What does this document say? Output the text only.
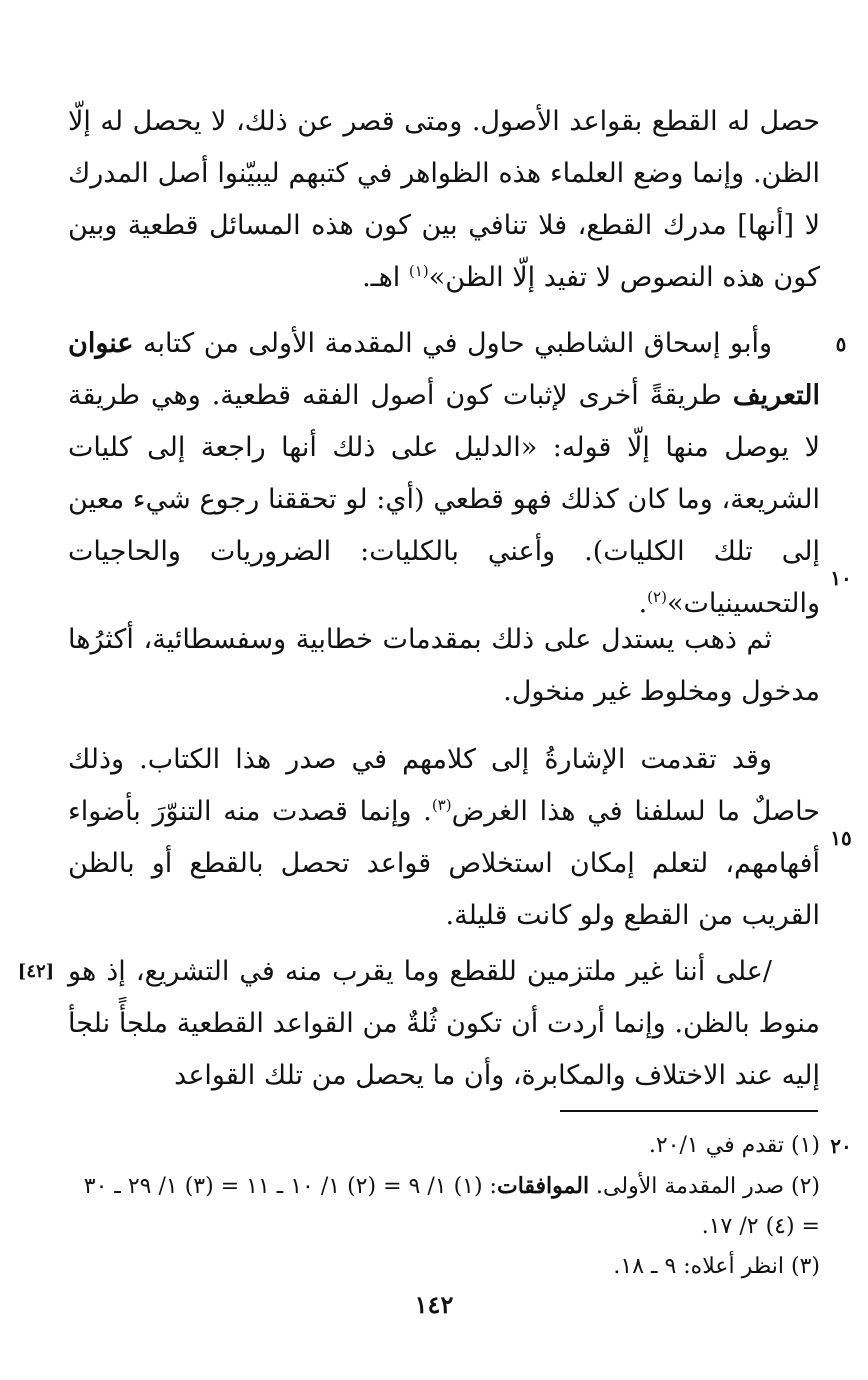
حصل له القطع بقواعد الأصول. ومتى قصر عن ذلك، لا يحصل له إلّا الظن. وإنما وضع العلماء هذه الظواهر في كتبهم ليبيّنوا أصل المدرك لا [أنها] مدرك القطع، فلا تنافي بين كون هذه المسائل قطعية وبين كون هذه النصوص لا تفيد إلّا الظن»$^{(١)}$ اهـ.

وأبو إسحاق الشاطبي حاول في المقدمة الأولى من كتابه عنوان التعريف طريقةً أخرى لإثبات كون أصول الفقه قطعية. وهي طريقة لا يوصل منها إلّا قوله: «الدليل على ذلك أنها راجعة إلى كليات الشريعة، وما كان كذلك فهو قطعي (أي: لو تحققنا رجوع شيء معين إلى تلك الكليات). وأعني بالكليات: الضروريات والحاجيات والتحسينيات»$^{(٢)}$.

ثم ذهب يستدل على ذلك بمقدمات خطابية وسفسطائية، أكثرُها مدخول ومخلوط غير منخول.

وقد تقدمت الإشارةُ إلى كلامهم في صدر هذا الكتاب. وذلك حاصلٌ ما لسلفنا في هذا الغرض$^{(٣)}$. وإنما قصدت منه التنوّرَ بأضواء أفهامهم، لتعلم إمكان استخلاص قواعد تحصل بالقطع أو بالظن القريب من القطع ولو كانت قليلة.

/على أننا غير ملتزمين للقطع وما يقرب منه في التشريع، إذ هو منوط بالظن. وإنما أردت أن تكون ثُلةٌ من القواعد القطعية ملجأً نلجأ إليه عند الاختلاف والمكابرة، وأن ما يحصل من تلك القواعد

٥
١٠
١٥
٢٠
[٤٢]

(١) تقدم في ٢٠/١.

(٢) صدر المقدمة الأولى. الموافقات: (١) ١/ ٩ = (٢) ١/ ١٠ ـ ١١ = (٣) ١/ ٢٩ ـ ٣٠ = (٤) ٢/ ١٧.

(٣) انظر أعلاه: ٩ ـ ١٨.

١٤٢
